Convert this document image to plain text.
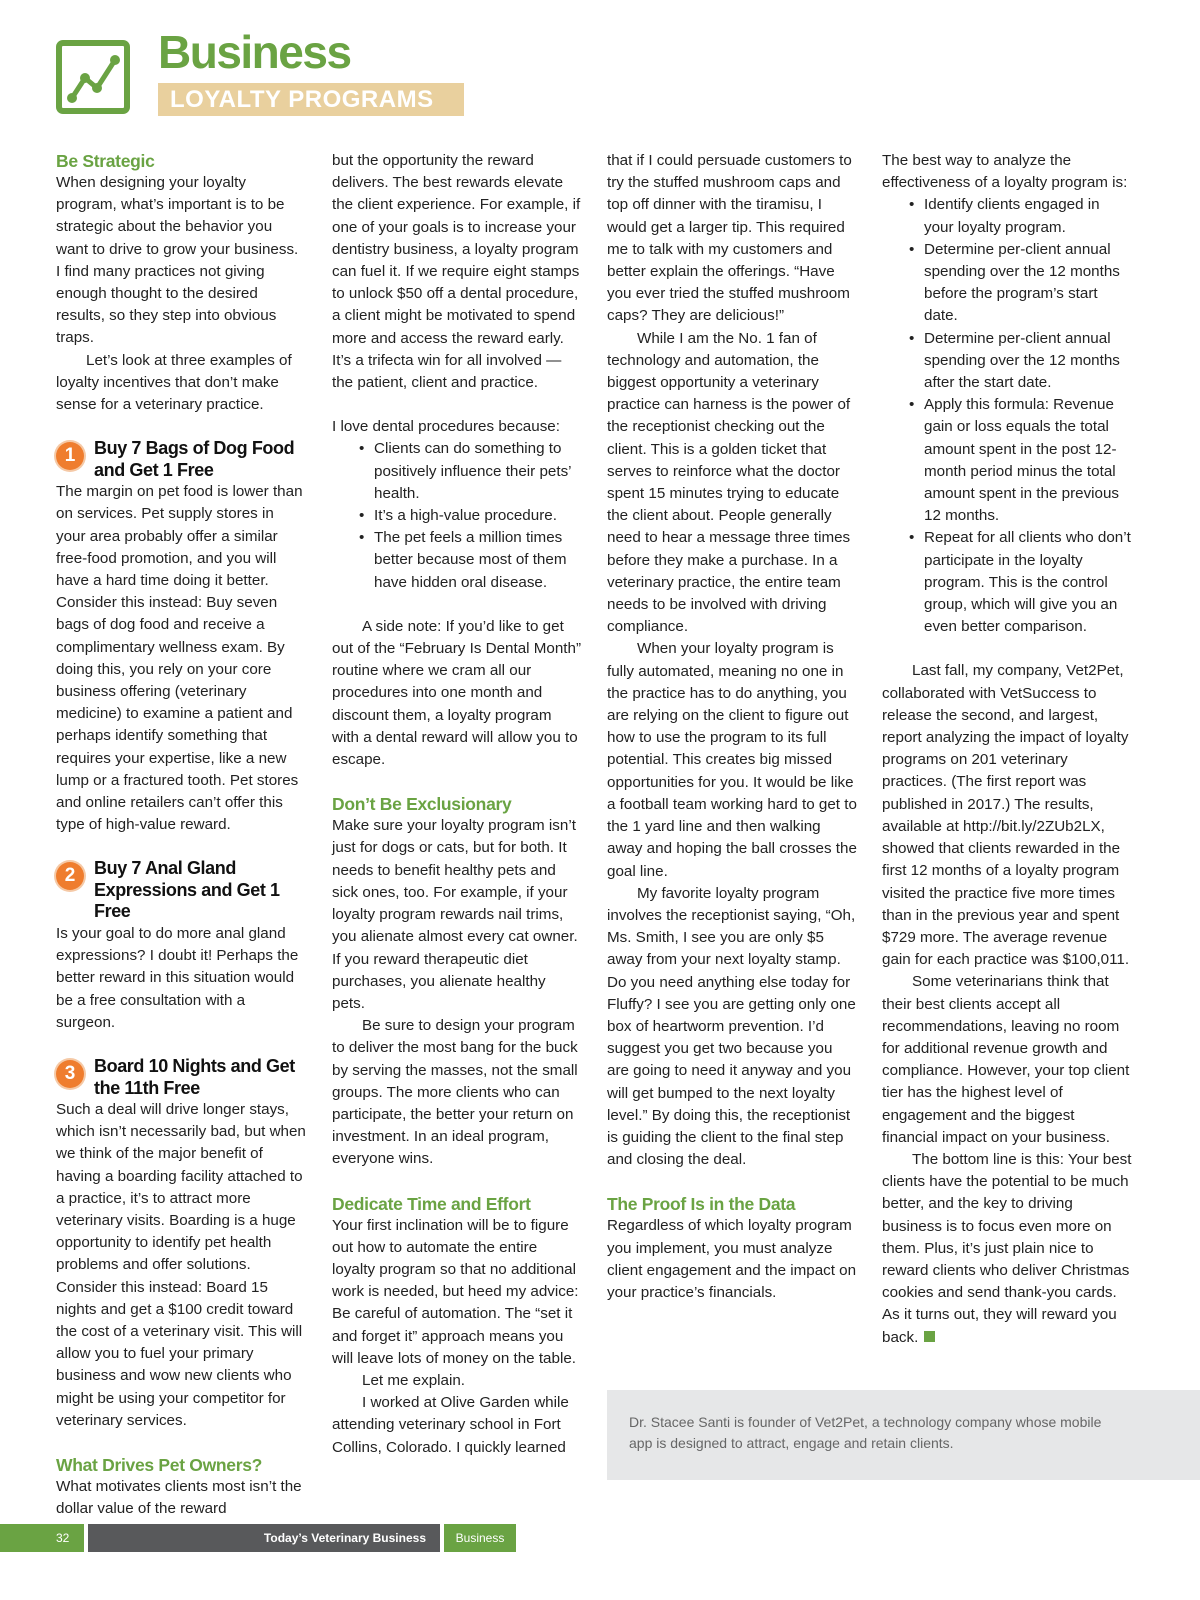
Business
LOYALTY PROGRAMS
Be Strategic

When designing your loyalty program, what’s important is to be strategic about the behavior you want to drive to grow your business. I find many practices not giving enough thought to the desired results, so they step into obvious traps.

Let’s look at three examples of loyalty incentives that don’t make sense for a veterinary practice.

1	Buy 7 Bags of Dog Food and Get 1 Free

The margin on pet food is lower than on services. Pet supply stores in your area probably offer a similar free-food promotion, and you will have a hard time doing it better. Consider this instead: Buy seven bags of dog food and receive a complimentary wellness exam. By doing this, you rely on your core business offering (veterinary medicine) to examine a patient and perhaps identify something that requires your expertise, like a new lump or a fractured tooth. Pet stores and online retailers can’t offer this type of high-value reward.

2	Buy 7 Anal Gland Expressions and Get 1 Free

Is your goal to do more anal gland expressions? I doubt it! Perhaps the better reward in this situation would be a free consultation with a surgeon.

3	Board 10 Nights and Get the 11th Free

Such a deal will drive longer stays, which isn’t necessarily bad, but when we think of the major benefit of having a boarding facility attached to a practice, it’s to attract more veterinary visits. Boarding is a huge opportunity to identify pet health problems and offer solutions. Consider this instead: Board 15 nights and get a $100 credit toward the cost of a veterinary visit. This will allow you to fuel your primary business and wow new clients who might be using your competitor for veterinary services.

What Drives Pet Owners?

What motivates clients most isn’t the dollar value of the reward

but the opportunity the reward delivers. The best rewards elevate the client experience. For example, if one of your goals is to increase your dentistry business, a loyalty program can fuel it. If we require eight stamps to unlock $50 off a dental procedure, a client might be motivated to spend more and access the reward early. It’s a trifecta win for all involved — the patient, client and practice.

I love dental procedures because:

• Clients can do something to positively influence their pets’ health.
• It’s a high-value procedure.
• The pet feels a million times better because most of them have hidden oral disease.

A side note: If you’d like to get out of the “February Is Dental Month” routine where we cram all our procedures into one month and discount them, a loyalty program with a dental reward will allow you to escape.

Don’t Be Exclusionary

Make sure your loyalty program isn’t just for dogs or cats, but for both. It needs to benefit healthy pets and sick ones, too. For example, if your loyalty program rewards nail trims, you alienate almost every cat owner. If you reward therapeutic diet purchases, you alienate healthy pets.

Be sure to design your program to deliver the most bang for the buck by serving the masses, not the small groups. The more clients who can participate, the better your return on investment. In an ideal program, everyone wins.

Dedicate Time and Effort

Your first inclination will be to figure out how to automate the entire loyalty program so that no additional work is needed, but heed my advice: Be careful of automation. The “set it and forget it” approach means you will leave lots of money on the table.

Let me explain.

I worked at Olive Garden while attending veterinary school in Fort Collins, Colorado. I quickly learned

that if I could persuade customers to try the stuffed mushroom caps and top off dinner with the tiramisu, I would get a larger tip. This required me to talk with my customers and better explain the offerings. “Have you ever tried the stuffed mushroom caps? They are delicious!”

While I am the No. 1 fan of technology and automation, the biggest opportunity a veterinary practice can harness is the power of the receptionist checking out the client. This is a golden ticket that serves to reinforce what the doctor spent 15 minutes trying to educate the client about. People generally need to hear a message three times before they make a purchase. In a veterinary practice, the entire team needs to be involved with driving compliance.

When your loyalty program is fully automated, meaning no one in the practice has to do anything, you are relying on the client to figure out how to use the program to its full potential. This creates big missed opportunities for you. It would be like a football team working hard to get to the 1 yard line and then walking away and hoping the ball crosses the goal line.

My favorite loyalty program involves the receptionist saying, “Oh, Ms. Smith, I see you are only $5 away from your next loyalty stamp. Do you need anything else today for Fluffy? I see you are getting only one box of heartworm prevention. I’d suggest you get two because you are going to need it anyway and you will get bumped to the next loyalty level.” By doing this, the receptionist is guiding the client to the final step and closing the deal.

The Proof Is in the Data

Regardless of which loyalty program you implement, you must analyze client engagement and the impact on your practice’s financials.

The best way to analyze the effectiveness of a loyalty program is:

• Identify clients engaged in your loyalty program.
• Determine per-client annual spending over the 12 months before the program’s start date.
• Determine per-client annual spending over the 12 months after the start date.
• Apply this formula: Revenue gain or loss equals the total amount spent in the post 12-month period minus the total amount spent in the previous 12 months.
• Repeat for all clients who don’t participate in the loyalty program. This is the control group, which will give you an even better comparison.

Last fall, my company, Vet2Pet, collaborated with VetSuccess to release the second, and largest, report analyzing the impact of loyalty programs on 201 veterinary practices. (The first report was published in 2017.) The results, available at http://bit.ly/2ZUb2LX, showed that clients rewarded in the first 12 months of a loyalty program visited the practice five more times than in the previous year and spent $729 more. The average revenue gain for each practice was $100,011.

Some veterinarians think that their best clients accept all recommendations, leaving no room for additional revenue growth and compliance. However, your top client tier has the highest level of engagement and the biggest financial impact on your business.

The bottom line is this: Your best clients have the potential to be much better, and the key to driving business is to focus even more on them. Plus, it’s just plain nice to reward clients who deliver Christmas cookies and send thank-you cards. As it turns out, they will reward you back.

Dr. Stacee Santi is founder of Vet2Pet, a technology company whose mobile app is designed to attract, engage and retain clients.
32	Today’s Veterinary Business	Business
